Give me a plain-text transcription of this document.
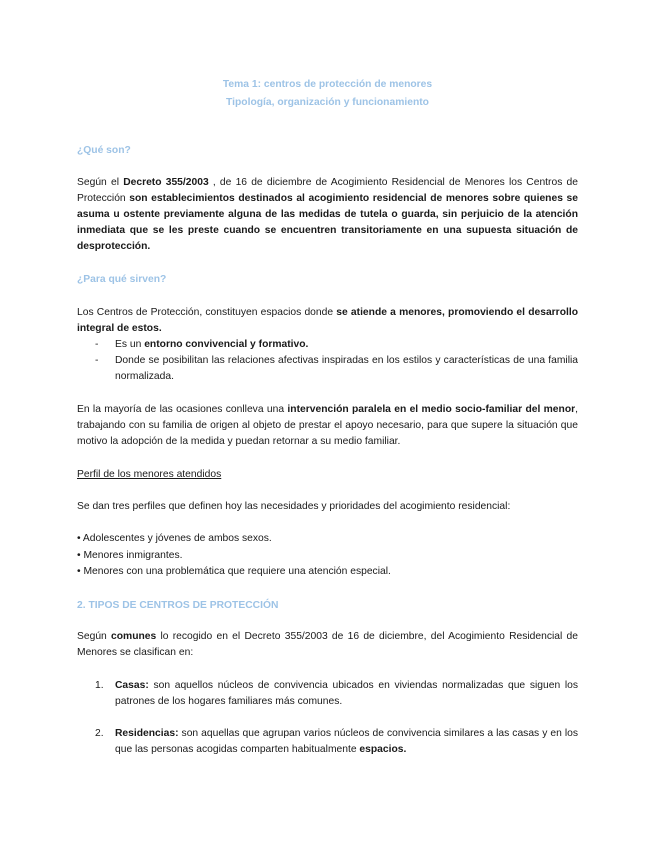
Tema 1: centros de protección de menores
Tipología, organización y funcionamiento
¿Qué son?
Según el Decreto 355/2003 , de 16 de diciembre de Acogimiento Residencial de Menores los Centros de Protección son establecimientos destinados al acogimiento residencial de menores sobre quienes se asuma u ostente previamente alguna de las medidas de tutela o guarda, sin perjuicio de la atención inmediata que se les preste cuando se encuentren transitoriamente en una supuesta situación de desprotección.
¿Para qué sirven?
Los Centros de Protección, constituyen espacios donde se atiende a menores, promoviendo el desarrollo integral de estos.
- Es un entorno convivencial y formativo.
- Donde se posibilitan las relaciones afectivas inspiradas en los estilos y características de una familia normalizada.
En la mayoría de las ocasiones conlleva una intervención paralela en el medio socio-familiar del menor, trabajando con su familia de origen al objeto de prestar el apoyo necesario, para que supere la situación que motivo la adopción de la medida y puedan retornar a su medio familiar.
Perfil de los menores atendidos
Se dan tres perfiles que definen hoy las necesidades y prioridades del acogimiento residencial:
• Adolescentes y jóvenes de ambos sexos.
• Menores inmigrantes.
• Menores con una problemática que requiere una atención especial.
2. TIPOS DE CENTROS DE PROTECCIÓN
Según comunes lo recogido en el Decreto 355/2003 de 16 de diciembre, del Acogimiento Residencial de Menores se clasifican en:
1. Casas: son aquellos núcleos de convivencia ubicados en viviendas normalizadas que siguen los patrones de los hogares familiares más comunes.
2. Residencias: son aquellas que agrupan varios núcleos de convivencia similares a las casas y en los que las personas acogidas comparten habitualmente espacios.
